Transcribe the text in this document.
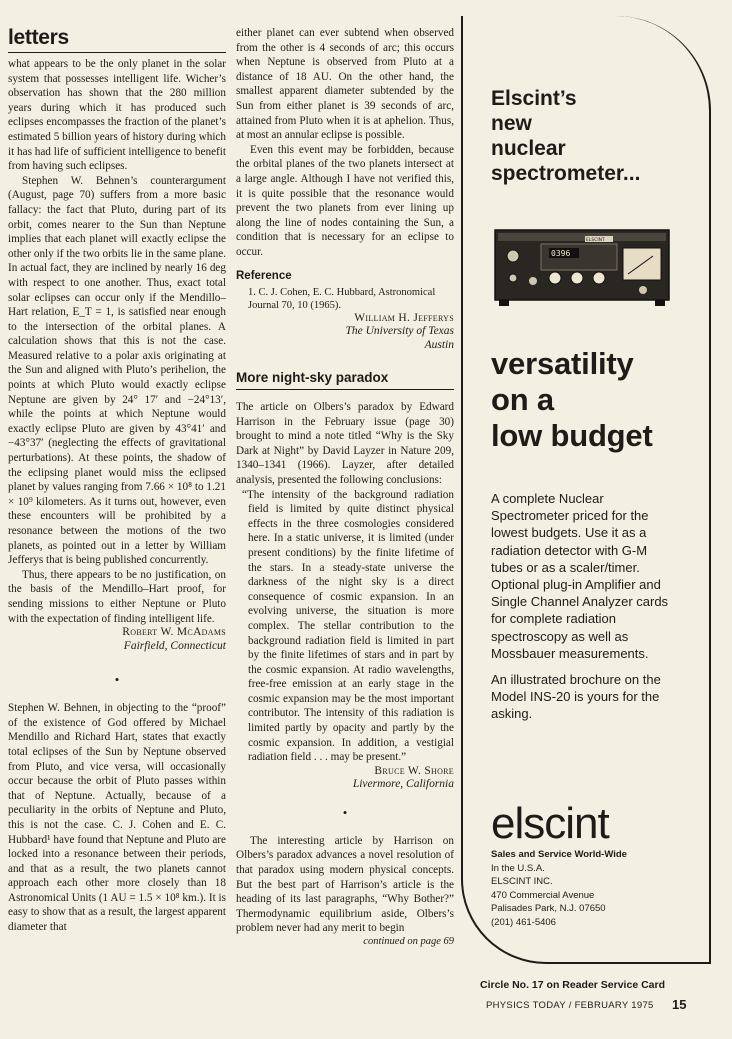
letters

what appears to be the only planet in the solar system that possesses intelligent life. Wicher’s observation has shown that the 280 million years during which it has produced such eclipses encompasses the fraction of the planet’s estimated 5 billion years of history during which it has had life of sufficient intelligence to benefit from having such eclipses.

Stephen W. Behnen’s counterargument (August, page 70) suffers from a more basic fallacy: the fact that Pluto, during part of its orbit, comes nearer to the Sun than Neptune implies that each planet will exactly eclipse the other only if the two orbits lie in the same plane. In actual fact, they are inclined by nearly 16 deg with respect to one another. Thus, exact total solar eclipses can occur only if the Mendillo–Hart relation, E_T = 1, is satisfied near enough to the intersection of the orbital planes. A calculation shows that this is not the case. Measured relative to a polar axis originating at the Sun and aligned with Pluto’s perihelion, the points at which Pluto would exactly eclipse Neptune are given by 24° 17′ and −24°13′, while the points at which Neptune would exactly eclipse Pluto are given by 43°41′ and −43°37′ (neglecting the effects of gravitational perturbations). At these points, the shadow of the eclipsing planet would miss the eclipsed planet by values ranging from 7.66 × 10⁸ to 1.21 × 10⁹ kilometers. As it turns out, however, even these encounters will be prohibited by a resonance between the motions of the two planets, as pointed out in a letter by William Jefferys that is being published concurrently.

Thus, there appears to be no justification, on the basis of the Mendillo–Hart proof, for sending missions to either Neptune or Pluto with the expectation of finding intelligent life.

Robert W. McAdams
Fairfield, Connecticut
•

Stephen W. Behnen, in objecting to the “proof” of the existence of God offered by Michael Mendillo and Richard Hart, states that exactly total eclipses of the Sun by Neptune observed from Pluto, and vice versa, will occasionally occur because the orbit of Pluto passes within that of Neptune. Actually, because of a peculiarity in the orbits of Neptune and Pluto, this is not the case. C. J. Cohen and E. C. Hubbard¹ have found that Neptune and Pluto are locked into a resonance between their periods, and that as a result, the two planets cannot approach each other more closely than 18 Astronomical Units (1 AU = 1.5 × 10⁸ km.). It is easy to show that as a result, the largest apparent diameter that

either planet can ever subtend when observed from the other is 4 seconds of arc; this occurs when Neptune is observed from Pluto at a distance of 18 AU. On the other hand, the smallest apparent diameter subtended by the Sun from either planet is 39 seconds of arc, attained from Pluto when it is at aphelion. Thus, at most an annular eclipse is possible.

Even this event may be forbidden, because the orbital planes of the two planets intersect at a large angle. Although I have not verified this, it is quite possible that the resonance would prevent the two planets from ever lining up along the line of nodes containing the Sun, a condition that is necessary for an eclipse to occur.

Reference
1. C. J. Cohen, E. C. Hubbard, Astronomical Journal 70, 10 (1965).
William H. Jefferys
The University of Texas
Austin
More night-sky paradox

The article on Olbers’s paradox by Edward Harrison in the February issue (page 30) brought to mind a note titled “Why is the Sky Dark at Night” by David Layzer in Nature 209, 1340–1341 (1966). Layzer, after detailed analysis, presented the following conclusions:

“The intensity of the background radiation field is limited by quite distinct physical effects in the three cosmologies considered here. In a static universe, it is limited (under present conditions) by the finite lifetime of the stars. In a steady-state universe the darkness of the night sky is a direct consequence of cosmic expansion. In an evolving universe, the situation is more complex. The stellar contribution to the background radiation field is limited in part by the finite lifetimes of stars and in part by the cosmic expansion. At radio wavelengths, free-free emission at an early stage in the cosmic expansion may be the most important contributor. The intensity of this radiation is limited partly by opacity and partly by the cosmic expansion. In addition, a vestigial radiation field . . . may be present.”

Bruce W. Shore
Livermore, California
•

The interesting article by Harrison on Olbers’s paradox advances a novel resolution of that paradox using modern physical concepts. But the best part of Harrison’s article is the heading of its last paragraphs, “Why Bother?” Thermodynamic equilibrium aside, Olbers’s problem never had any merit to begin

continued on page 69
Elscint’s
new
nuclear
spectrometer...
0396
ELSCINT
versatility
on a
low budget
A complete Nuclear Spectrometer priced for the lowest budgets. Use it as a radiation detector with G-M tubes or as a scaler/timer. Optional plug-in Amplifier and Single Channel Analyzer cards for complete radiation spectroscopy as well as Mossbauer measurements.
An illustrated brochure on the Model INS-20 is yours for the asking.
elscint
Sales and Service World-Wide
In the U.S.A.
ELSCINT INC.
470 Commercial Avenue
Palisades Park, N.J. 07650
(201) 461-5406
Circle No. 17 on Reader Service Card
PHYSICS TODAY / FEBRUARY 1975 15
